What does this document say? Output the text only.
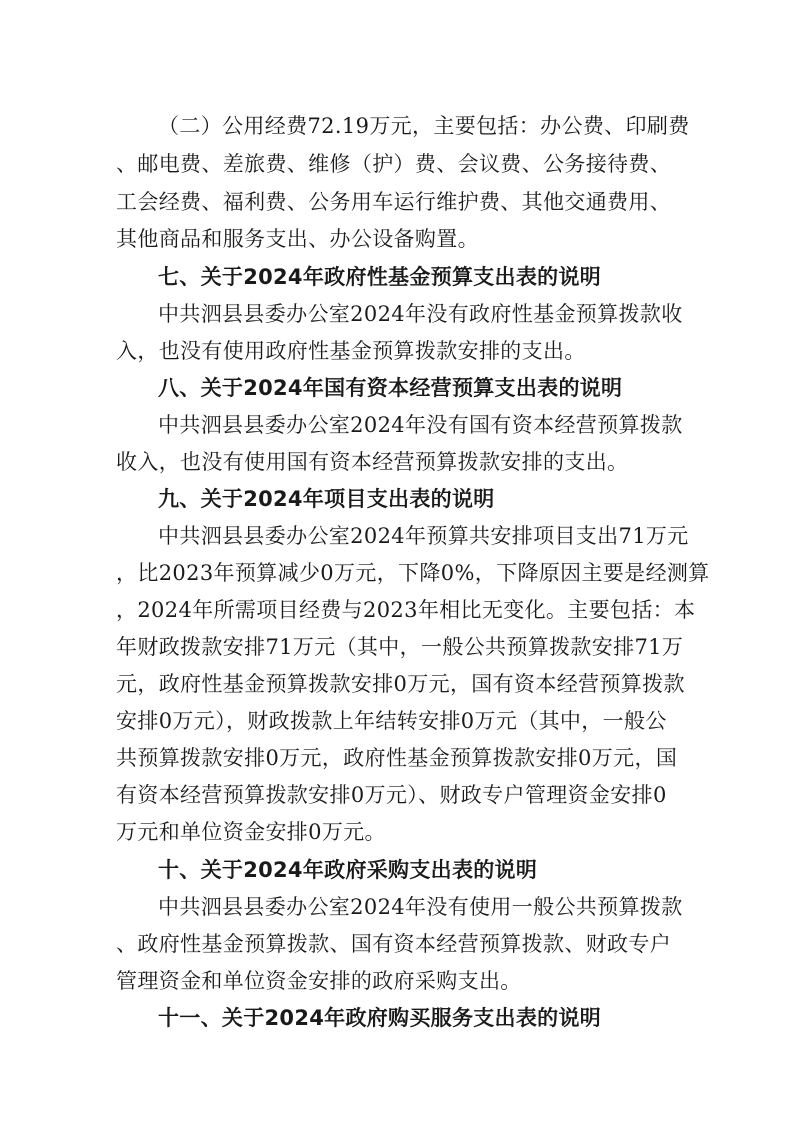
（二）公用经费72.19万元，主要包括：办公费、印刷费
、邮电费、差旅费、维修（护）费、会议费、公务接待费、
工会经费、福利费、公务用车运行维护费、其他交通费用、
其他商品和服务支出、办公设备购置。
七、关于2024年政府性基金预算支出表的说明
中共泗县县委办公室2024年没有政府性基金预算拨款收
入，也没有使用政府性基金预算拨款安排的支出。
八、关于2024年国有资本经营预算支出表的说明
中共泗县县委办公室2024年没有国有资本经营预算拨款
收入，也没有使用国有资本经营预算拨款安排的支出。
九、关于2024年项目支出表的说明
中共泗县县委办公室2024年预算共安排项目支出71万元
，比2023年预算减少0万元，下降0%，下降原因主要是经测算
，2024年所需项目经费与2023年相比无变化。主要包括：本
年财政拨款安排71万元（其中，一般公共预算拨款安排71万
元，政府性基金预算拨款安排0万元，国有资本经营预算拨款
安排0万元），财政拨款上年结转安排0万元（其中，一般公
共预算拨款安排0万元，政府性基金预算拨款安排0万元，国
有资本经营预算拨款安排0万元）、财政专户管理资金安排0
万元和单位资金安排0万元。
十、关于2024年政府采购支出表的说明
中共泗县县委办公室2024年没有使用一般公共预算拨款
、政府性基金预算拨款、国有资本经营预算拨款、财政专户
管理资金和单位资金安排的政府采购支出。
十一、关于2024年政府购买服务支出表的说明
